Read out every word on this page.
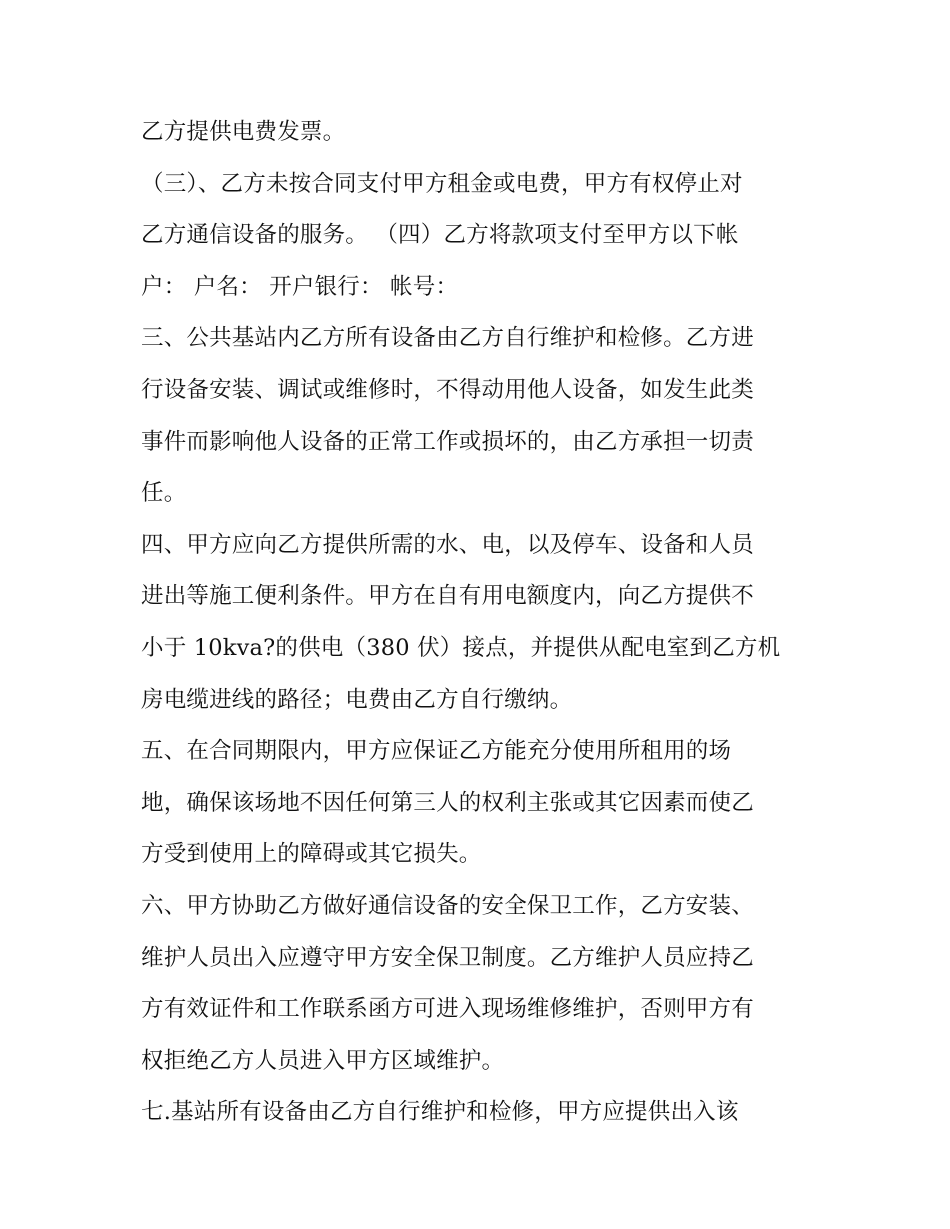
乙方提供电费发票。
（三）、乙方未按合同支付甲方租金或电费，甲方有权停止对
乙方通信设备的服务。 （四）乙方将款项支付至甲方以下帐
户： 户名： 开户银行： 帐号：
三、公共基站内乙方所有设备由乙方自行维护和检修。乙方进
行设备安装、调试或维修时，不得动用他人设备，如发生此类
事件而影响他人设备的正常工作或损坏的，由乙方承担一切责
任。
四、甲方应向乙方提供所需的水、电，以及停车、设备和人员
进出等施工便利条件。甲方在自有用电额度内，向乙方提供不
小于 10kva?的供电（380 伏）接点，并提供从配电室到乙方机
房电缆进线的路径；电费由乙方自行缴纳。
五、在合同期限内，甲方应保证乙方能充分使用所租用的场
地，确保该场地不因任何第三人的权利主张或其它因素而使乙
方受到使用上的障碍或其它损失。
六、甲方协助乙方做好通信设备的安全保卫工作，乙方安装、
维护人员出入应遵守甲方安全保卫制度。乙方维护人员应持乙
方有效证件和工作联系函方可进入现场维修维护，否则甲方有
权拒绝乙方人员进入甲方区域维护。
七.基站所有设备由乙方自行维护和检修，甲方应提供出入该
